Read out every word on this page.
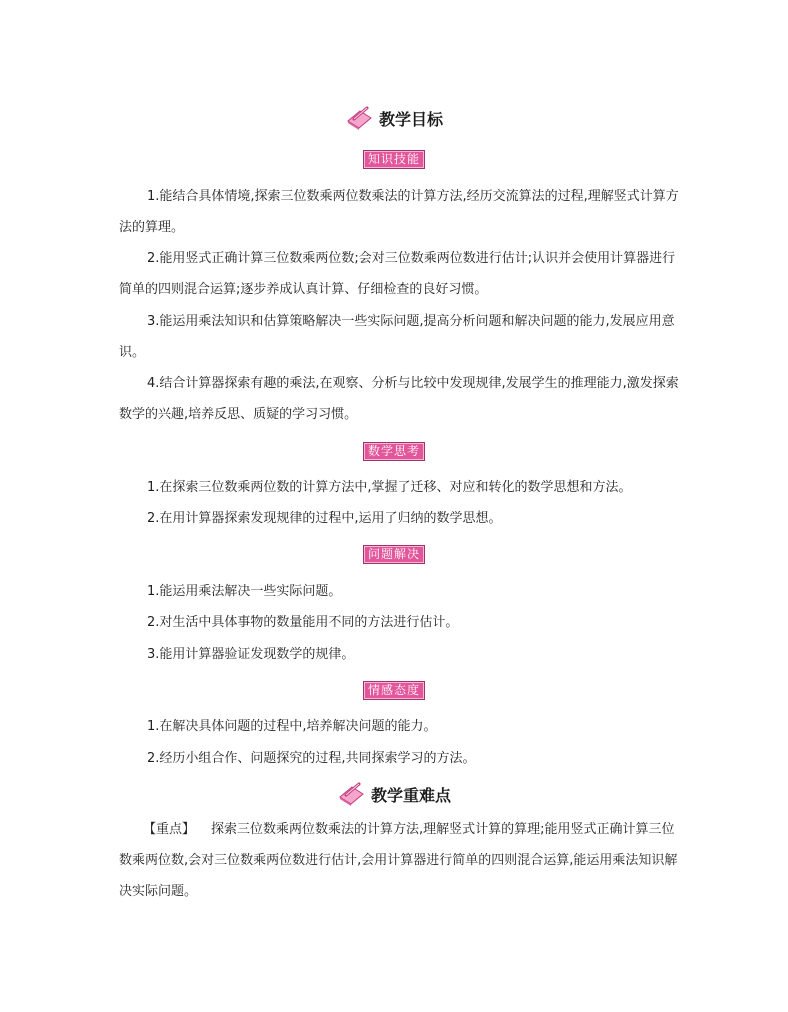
教学目标
知识技能

1.能结合具体情境,探索三位数乘两位数乘法的计算方法,经历交流算法的过程,理解竖式计算方法的算理。

2.能用竖式正确计算三位数乘两位数;会对三位数乘两位数进行估计;认识并会使用计算器进行简单的四则混合运算;逐步养成认真计算、仔细检查的良好习惯。

3.能运用乘法知识和估算策略解决一些实际问题,提高分析问题和解决问题的能力,发展应用意识。

4.结合计算器探索有趣的乘法,在观察、分析与比较中发现规律,发展学生的推理能力,激发探索数学的兴趣,培养反思、质疑的学习习惯。

数学思考

1.在探索三位数乘两位数的计算方法中,掌握了迁移、对应和转化的数学思想和方法。

2.在用计算器探索发现规律的过程中,运用了归纳的数学思想。

问题解决

1.能运用乘法解决一些实际问题。

2.对生活中具体事物的数量能用不同的方法进行估计。

3.能用计算器验证发现数学的规律。

情感态度

1.在解决具体问题的过程中,培养解决问题的能力。

2.经历小组合作、问题探究的过程,共同探索学习的方法。

教学重难点

【重点】 探索三位数乘两位数乘法的计算方法,理解竖式计算的算理;能用竖式正确计算三位数乘两位数,会对三位数乘两位数进行估计,会用计算器进行简单的四则混合运算,能运用乘法知识解决实际问题。
